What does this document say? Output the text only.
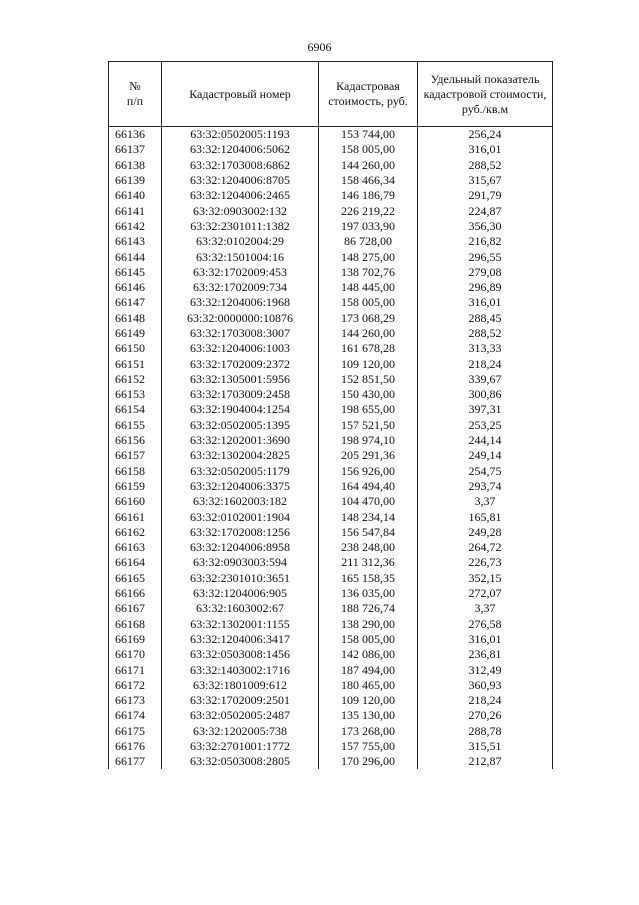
6906
№
п/п	Кадастровый номер	Кадастровая стоимость, руб.	Удельный показатель кадастровой стоимости, руб./кв.м
66136	63:32:0502005:1193	153 744,00	256,24
66137	63:32:1204006:5062	158 005,00	316,01
66138	63:32:1703008:6862	144 260,00	288,52
66139	63:32:1204006:8705	158 466,34	315,67
66140	63:32:1204006:2465	146 186,79	291,79
66141	63:32:0903002:132	226 219,22	224,87
66142	63:32:2301011:1382	197 033,90	356,30
66143	63:32:0102004:29	86 728,00	216,82
66144	63:32:1501004:16	148 275,00	296,55
66145	63:32:1702009:453	138 702,76	279,08
66146	63:32:1702009:734	148 445,00	296,89
66147	63:32:1204006:1968	158 005,00	316,01
66148	63:32:0000000:10876	173 068,29	288,45
66149	63:32:1703008:3007	144 260,00	288,52
66150	63:32:1204006:1003	161 678,28	313,33
66151	63:32:1702009:2372	109 120,00	218,24
66152	63:32:1305001:5956	152 851,50	339,67
66153	63:32:1703009:2458	150 430,00	300,86
66154	63:32:1904004:1254	198 655,00	397,31
66155	63:32:0502005:1395	157 521,50	253,25
66156	63:32:1202001:3690	198 974,10	244,14
66157	63:32:1302004:2825	205 291,36	249,14
66158	63:32:0502005:1179	156 926,00	254,75
66159	63:32:1204006:3375	164 494,40	293,74
66160	63:32:1602003:182	104 470,00	3,37
66161	63:32:0102001:1904	148 234,14	165,81
66162	63:32:1702008:1256	156 547,84	249,28
66163	63:32:1204006:8958	238 248,00	264,72
66164	63:32:0903003:594	211 312,36	226,73
66165	63:32:2301010:3651	165 158,35	352,15
66166	63:32:1204006:905	136 035,00	272,07
66167	63:32:1603002:67	188 726,74	3,37
66168	63:32:1302001:1155	138 290,00	276,58
66169	63:32:1204006:3417	158 005,00	316,01
66170	63:32:0503008:1456	142 086,00	236,81
66171	63:32:1403002:1716	187 494,00	312,49
66172	63:32:1801009:612	180 465,00	360,93
66173	63:32:1702009:2501	109 120,00	218,24
66174	63:32:0502005:2487	135 130,00	270,26
66175	63:32:1202005:738	173 268,00	288,78
66176	63:32:2701001:1772	157 755,00	315,51
66177	63:32:0503008:2805	170 296,00	212,87
